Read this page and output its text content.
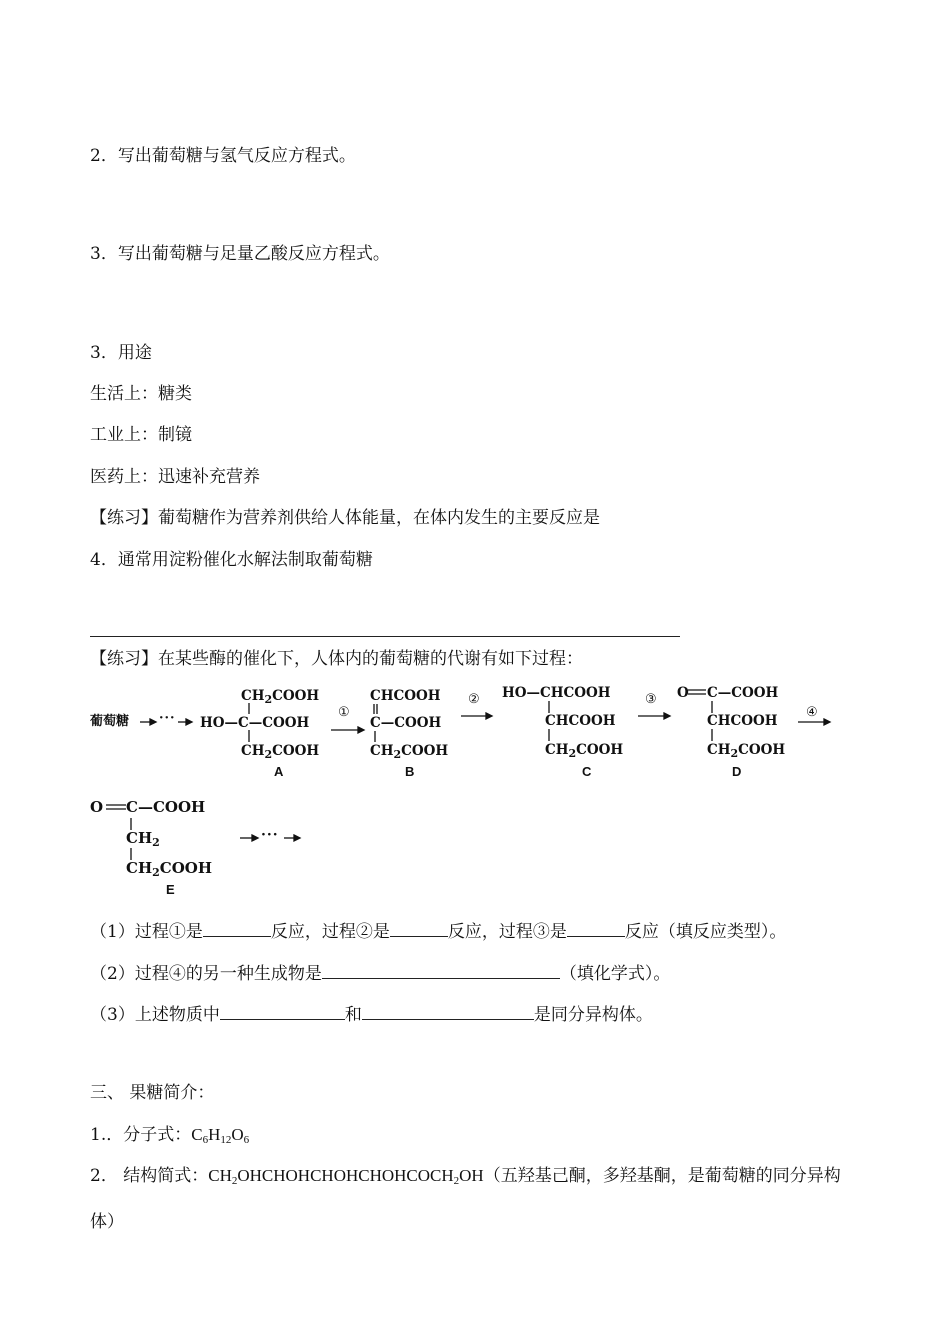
2．写出葡萄糖与氢气反应方程式。
3．写出葡萄糖与足量乙酸反应方程式。
3．用途
生活上：糖类
工业上：制镜
医药上：迅速补充营养
【练习】葡萄糖作为营养剂供给人体能量，在体内发生的主要反应是
4．通常用淀粉催化水解法制取葡萄糖
【练习】在某些酶的催化下，人体内的葡萄糖的代谢有如下过程：
葡萄糖 ···
$CH_2COOH$
HO—C—COOH
$CH_2COOH$
A
①
CHCOOH
C—COOH
$CH_2COOH$
B
② HO—CHCOOH
CHCOOH
$CH_2COOH$
C
③ O C—COOH
CHCOOH
$CH_2COOH$
D
④
O C—COOH
$CH_2$
$CH_2COOH$
E
···
（1）过程①是	反应，过程②是	反应，过程③是	反应（填反应类型）。
（2）过程④的另一种生成物是	（填化学式）。
（3）上述物质中	和	是同分异构体。
三、 果糖简介：
1.．分子式：$C_6H_{12}O_6$
2． 结构简式：$CH_2OHCHOHCHOHCHOHCOCH_2OH$（五羟基己酮，多羟基酮，是葡萄糖的同分异构
体）
